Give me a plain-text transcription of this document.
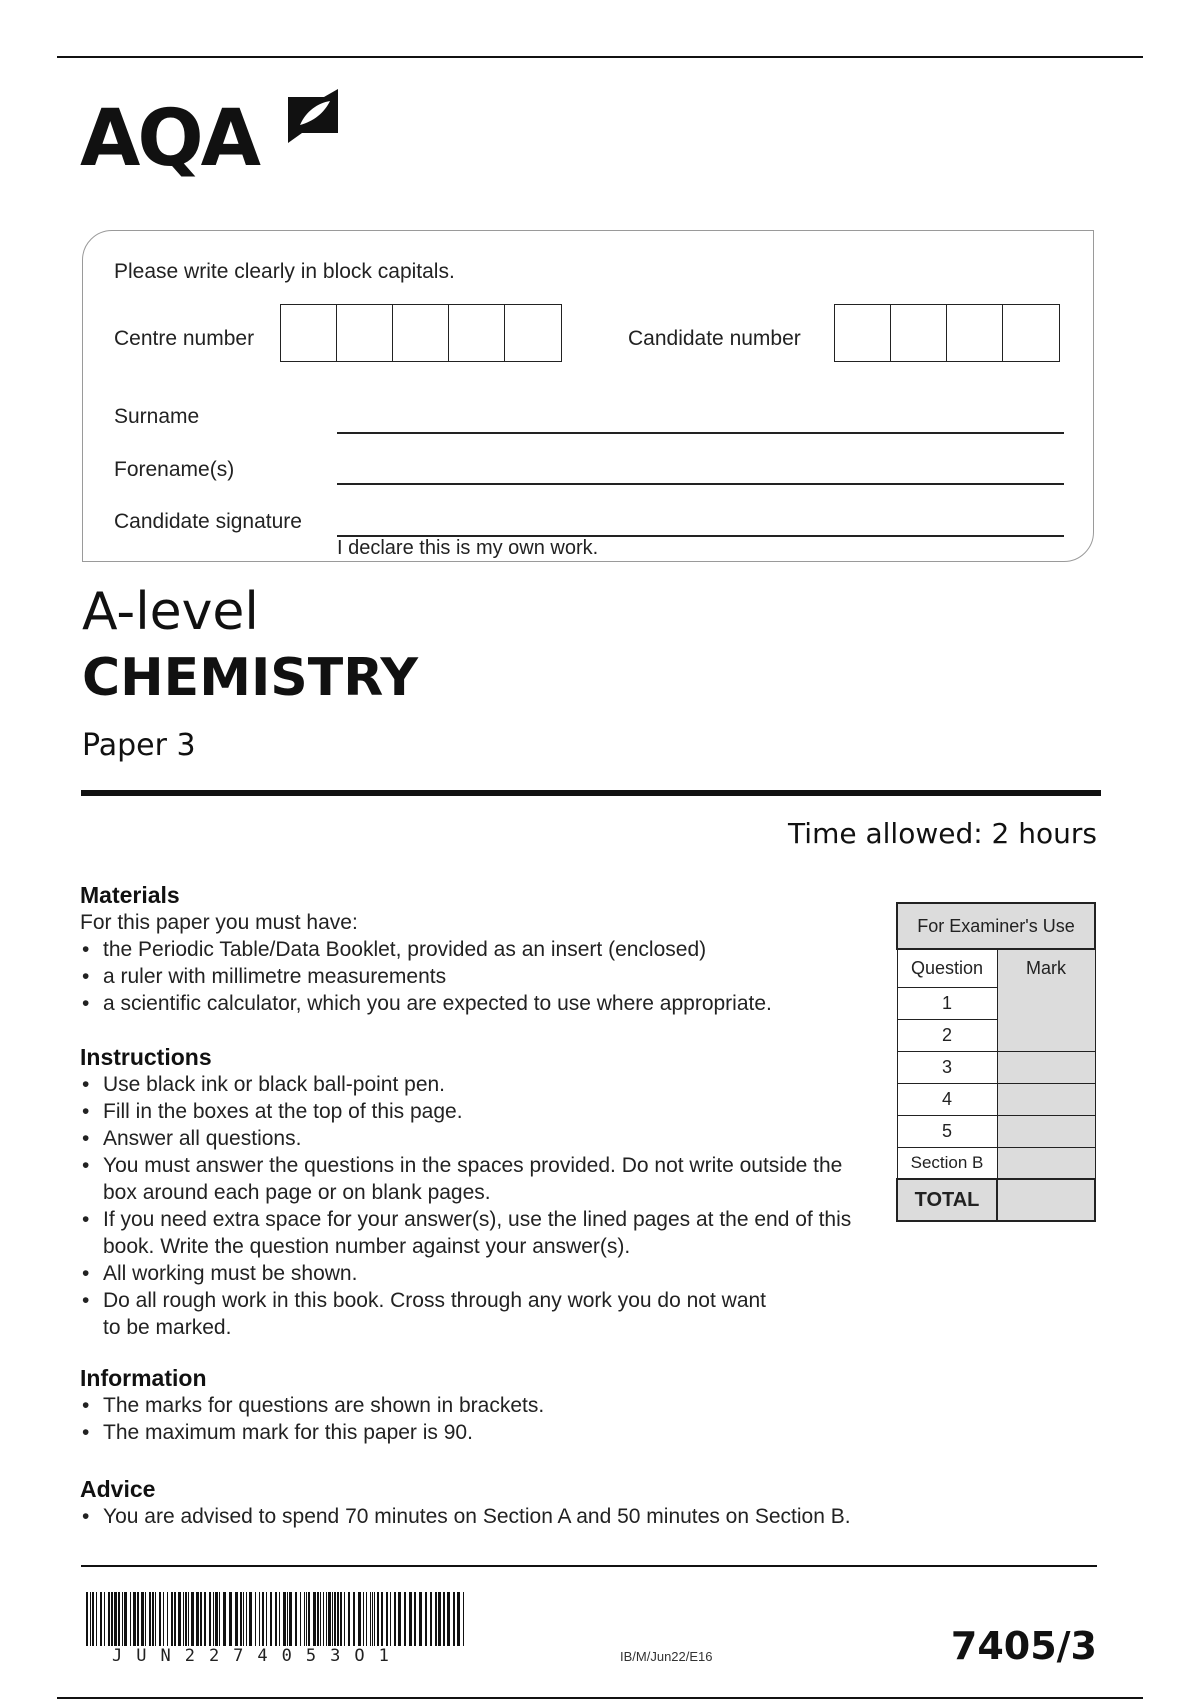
AQA
Please write clearly in block capitals.
Centre number	Candidate number
Surname
Forename(s)
Candidate signature
I declare this is my own work.
A-level
CHEMISTRY
Paper 3
Time allowed: 2 hours
Materials
For this paper you must have:
• the Periodic Table/Data Booklet, provided as an insert (enclosed)
• a ruler with millimetre measurements
• a scientific calculator, which you are expected to use where appropriate.
Instructions
• Use black ink or black ball-point pen.
• Fill in the boxes at the top of this page.
• Answer all questions.
• You must answer the questions in the spaces provided. Do not write outside the box around each page or on blank pages.
• If you need extra space for your answer(s), use the lined pages at the end of this book. Write the question number against your answer(s).
• All working must be shown.
• Do all rough work in this book. Cross through any work you do not want to be marked.
Information
• The marks for questions are shown in brackets.
• The maximum mark for this paper is 90.
Advice
• You are advised to spend 70 minutes on Section A and 50 minutes on Section B.
For Examiner's Use	
Question	Mark
1	
2	
3	
4	
5	
Section B	
TOTAL	
JUN2274053O1	IB/M/Jun22/E16	7405/3
